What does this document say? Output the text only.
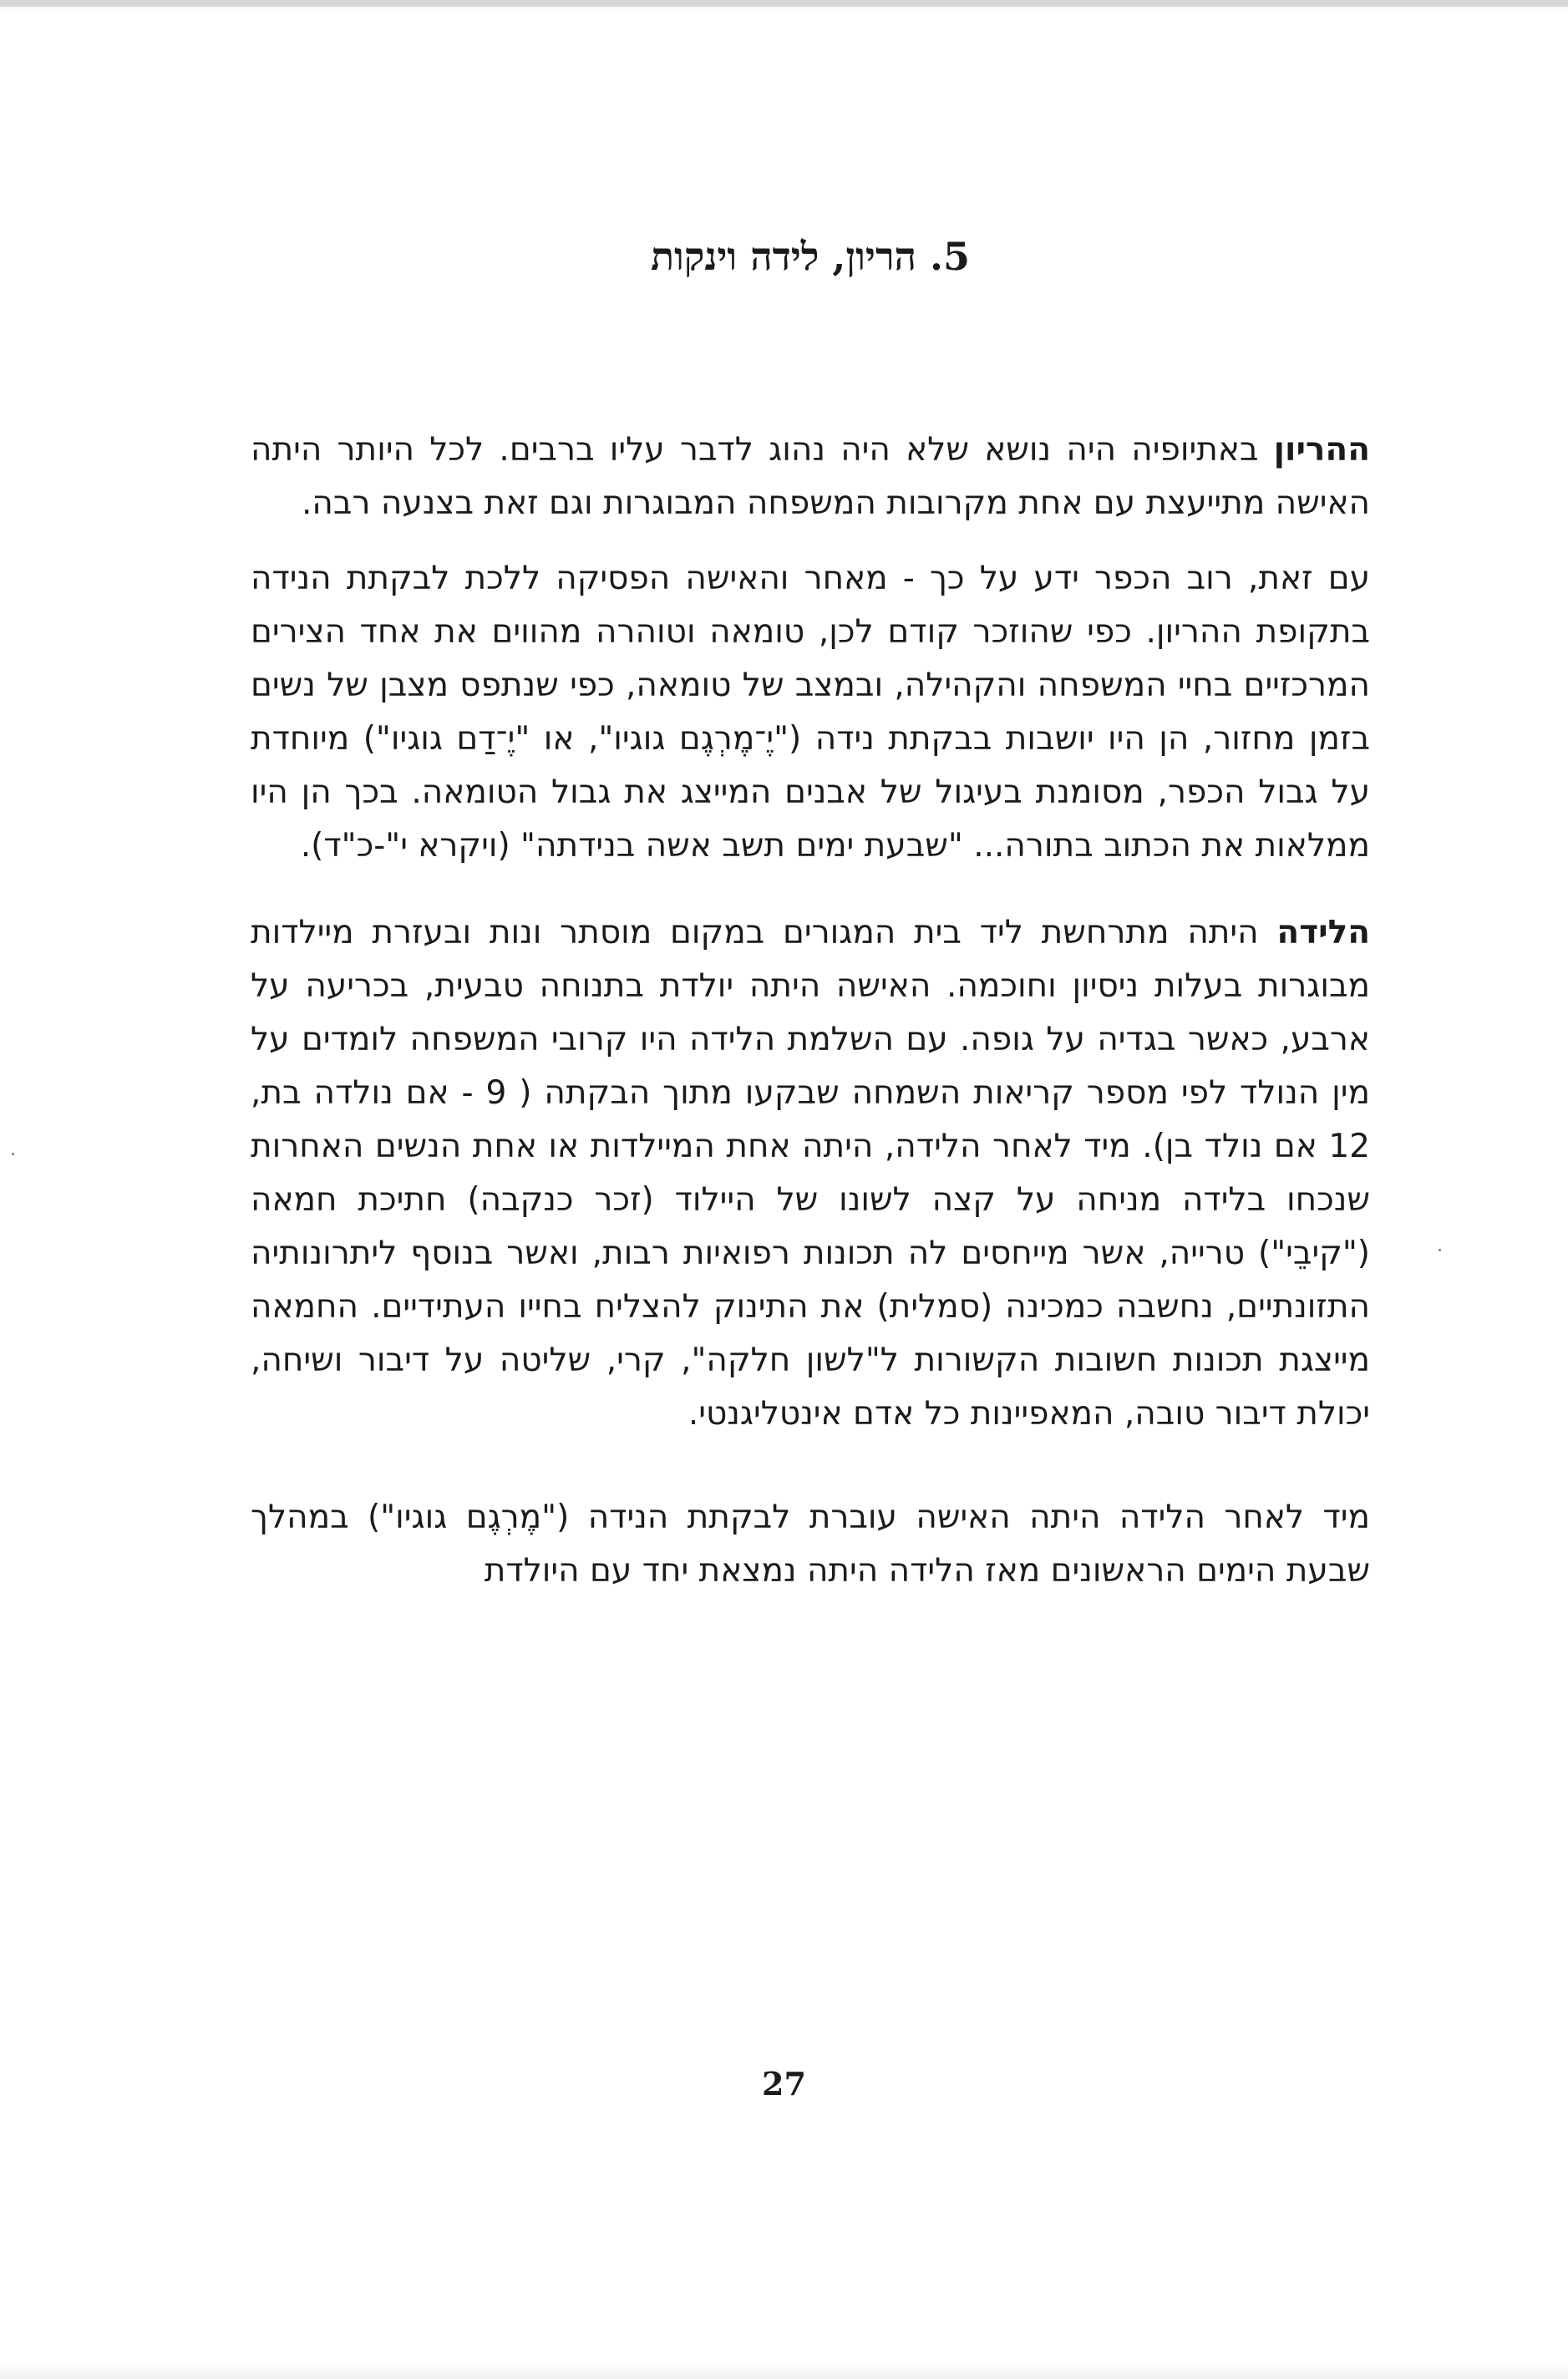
5. הריון, לידה וינקות

ההריון באתיופיה היה נושא שלא היה נהוג לדבר עליו ברבים. לכל היותר היתה האישה מתייעצת עם אחת מקרובות המשפחה המבוגרות וגם זאת בצנעה רבה.

עם זאת, רוב הכפר ידע על כך - מאחר והאישה הפסיקה ללכת לבקתת הנידה בתקופת ההריון. כפי שהוזכר קודם לכן, טומאה וטוהרה מהווים את אחד הצירים המרכזיים בחיי המשפחה והקהילה, ובמצב של טומאה, כפי שנתפס מצבן של נשים בזמן מחזור, הן היו יושבות בבקתת נידה ("יֶ־מֶרְגֶם גוגיו", או "יֶ־דַם גוגיו") מיוחדת על גבול הכפר, מסומנת בעיגול של אבנים המייצג את גבול הטומאה. בכך הן היו ממלאות את הכתוב בתורה... "שבעת ימים תשב אשה בנידתה" (ויקרא י"-כ"ד).

הלידה היתה מתרחשת ליד בית המגורים במקום מוסתר ונות ובעזרת מיילדות מבוגרות בעלות ניסיון וחוכמה. האישה היתה יולדת בתנוחה טבעית, בכריעה על ארבע, כאשר בגדיה על גופה. עם השלמת הלידה היו קרובי המשפחה לומדים על מין הנולד לפי מספר קריאות השמחה שבקעו מתוך הבקתה ( 9 - אם נולדה בת, 12 אם נולד בן). מיד לאחר הלידה, היתה אחת המיילדות או אחת הנשים האחרות שנכחו בלידה מניחה על קצה לשונו של היילוד (זכר כנקבה) חתיכת חמאה ("קיבֵי") טרייה, אשר מייחסים לה תכונות רפואיות רבות, ואשר בנוסף ליתרונותיה התזונתיים, נחשבה כמכינה (סמלית) את התינוק להצליח בחייו העתידיים. החמאה מייצגת תכונות חשובות הקשורות ל"לשון חלקה", קרי, שליטה על דיבור ושיחה, יכולת דיבור טובה, המאפיינות כל אדם אינטליגנטי.

מיד לאחר הלידה היתה האישה עוברת לבקתת הנידה ("מֶרְגֶם גוגיו") במהלך שבעת הימים הראשונים מאז הלידה היתה נמצאת יחד עם היולדת

27
